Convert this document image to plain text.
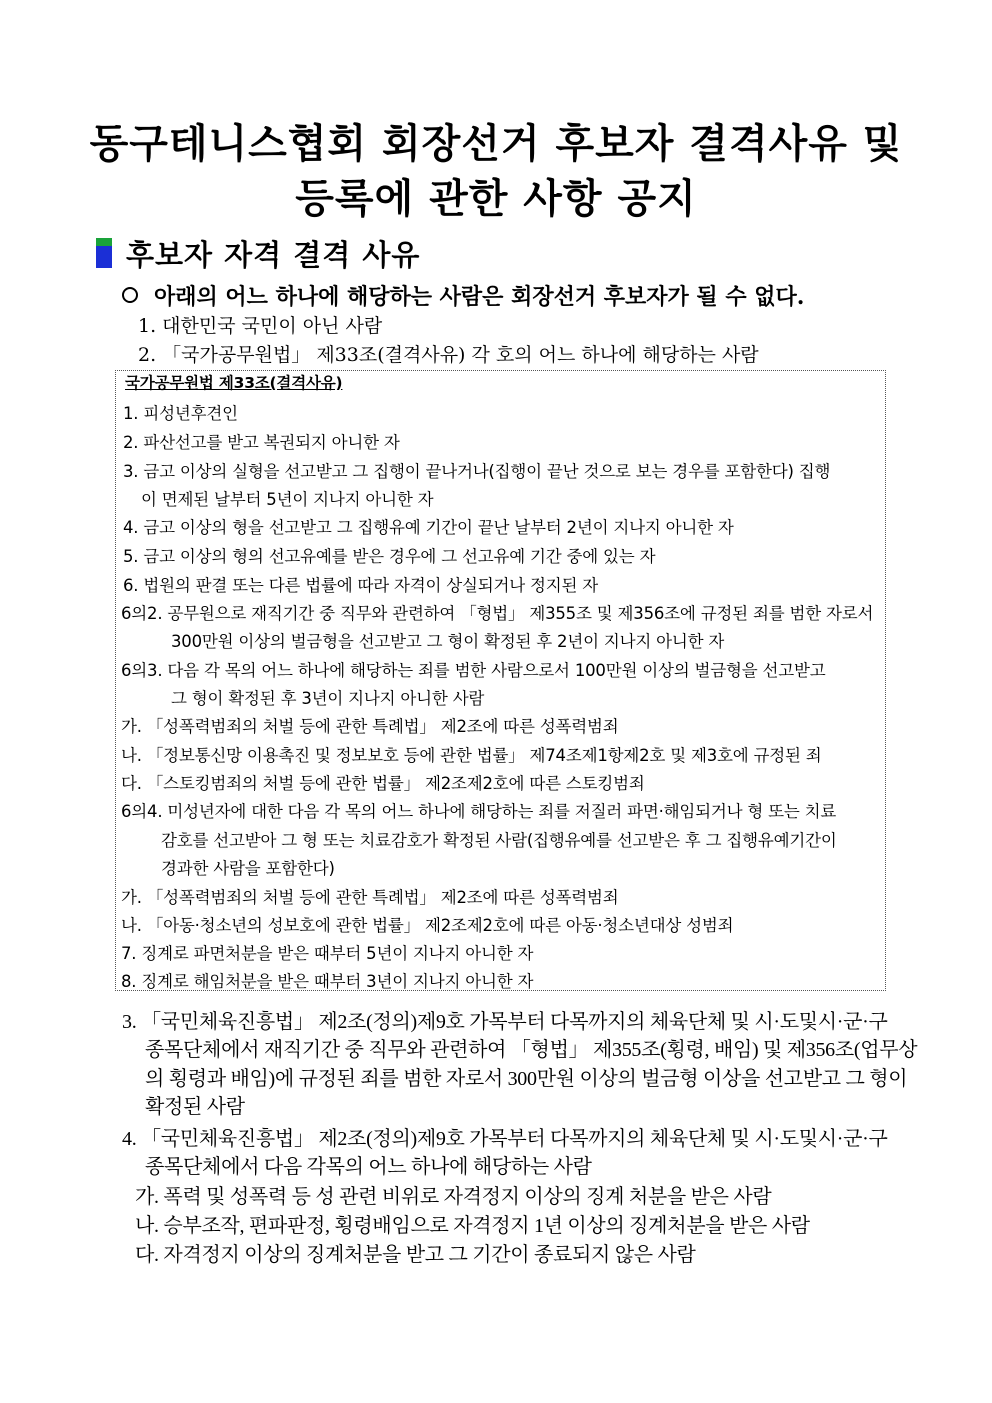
동구테니스협회 회장선거 후보자 결격사유 및
등록에 관한 사항 공지
후보자 자격 결격 사유
아래의 어느 하나에 해당하는 사람은 회장선거 후보자가 될 수 없다.
1. 대한민국 국민이 아닌 사람
2. 「국가공무원법」 제33조(결격사유) 각 호의 어느 하나에 해당하는 사람
국가공무원법 제33조(결격사유)
1. 피성년후견인
2. 파산선고를 받고 복권되지 아니한 자
3. 금고 이상의 실형을 선고받고 그 집행이 끝나거나(집행이 끝난 것으로 보는 경우를 포함한다) 집행
이 면제된 날부터 5년이 지나지 아니한 자
4. 금고 이상의 형을 선고받고 그 집행유예 기간이 끝난 날부터 2년이 지나지 아니한 자
5. 금고 이상의 형의 선고유예를 받은 경우에 그 선고유예 기간 중에 있는 자
6. 법원의 판결 또는 다른 법률에 따라 자격이 상실되거나 정지된 자
6의2. 공무원으로 재직기간 중 직무와 관련하여 「형법」 제355조 및 제356조에 규정된 죄를 범한 자로서
300만원 이상의 벌금형을 선고받고 그 형이 확정된 후 2년이 지나지 아니한 자
6의3. 다음 각 목의 어느 하나에 해당하는 죄를 범한 사람으로서 100만원 이상의 벌금형을 선고받고
그 형이 확정된 후 3년이 지나지 아니한 사람
가. 「성폭력범죄의 처벌 등에 관한 특례법」 제2조에 따른 성폭력범죄
나. 「정보통신망 이용촉진 및 정보보호 등에 관한 법률」 제74조제1항제2호 및 제3호에 규정된 죄
다. 「스토킹범죄의 처벌 등에 관한 법률」 제2조제2호에 따른 스토킹범죄
6의4. 미성년자에 대한 다음 각 목의 어느 하나에 해당하는 죄를 저질러 파면·해임되거나 형 또는 치료
감호를 선고받아 그 형 또는 치료감호가 확정된 사람(집행유예를 선고받은 후 그 집행유예기간이
경과한 사람을 포함한다)
가. 「성폭력범죄의 처벌 등에 관한 특례법」 제2조에 따른 성폭력범죄
나. 「아동·청소년의 성보호에 관한 법률」 제2조제2호에 따른 아동·청소년대상 성범죄
7. 징계로 파면처분을 받은 때부터 5년이 지나지 아니한 자
8. 징계로 해임처분을 받은 때부터 3년이 지나지 아니한 자
3. 「국민체육진흥법」 제2조(정의)제9호 가목부터 다목까지의 체육단체 및 시·도및시·군·구
종목단체에서 재직기간 중 직무와 관련하여 「형법」 제355조(횡령, 배임) 및 제356조(업무상
의 횡령과 배임)에 규정된 죄를 범한 자로서 300만원 이상의 벌금형 이상을 선고받고 그 형이
확정된 사람
4. 「국민체육진흥법」 제2조(정의)제9호 가목부터 다목까지의 체육단체 및 시·도및시·군·구
종목단체에서 다음 각목의 어느 하나에 해당하는 사람
가. 폭력 및 성폭력 등 성 관련 비위로 자격정지 이상의 징계 처분을 받은 사람
나. 승부조작, 편파판정, 횡령배임으로 자격정지 1년 이상의 징계처분을 받은 사람
다. 자격정지 이상의 징계처분을 받고 그 기간이 종료되지 않은 사람
